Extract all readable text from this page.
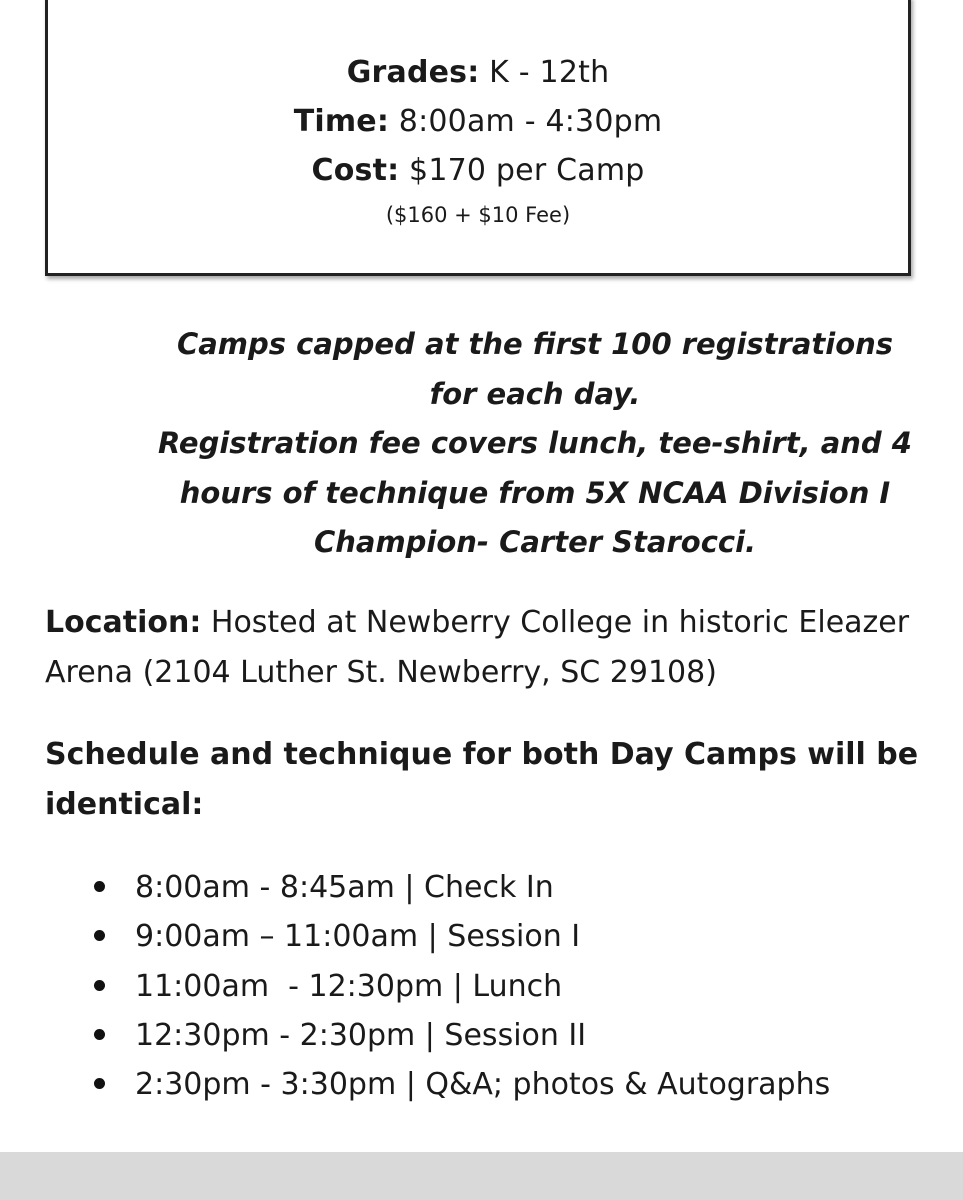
Grades: K - 12th
Time: 8:00am - 4:30pm
Cost: $170 per Camp
($160 + $10 Fee)

Camps capped at the first 100 registrations for each day.

Registration fee covers lunch, tee-shirt, and 4 hours of technique from 5X NCAA Division I Champion- Carter Starocci.

Location: Hosted at Newberry College in historic Eleazer Arena (2104 Luther St. Newberry, SC 29108)
Schedule and technique for both Day Camps will be identical:
8:00am - 8:45am | Check In
9:00am – 11:00am | Session I
11:00am  - 12:30pm | Lunch
12:30pm - 2:30pm | Session II
2:30pm - 3:30pm | Q&A; photos & Autographs
